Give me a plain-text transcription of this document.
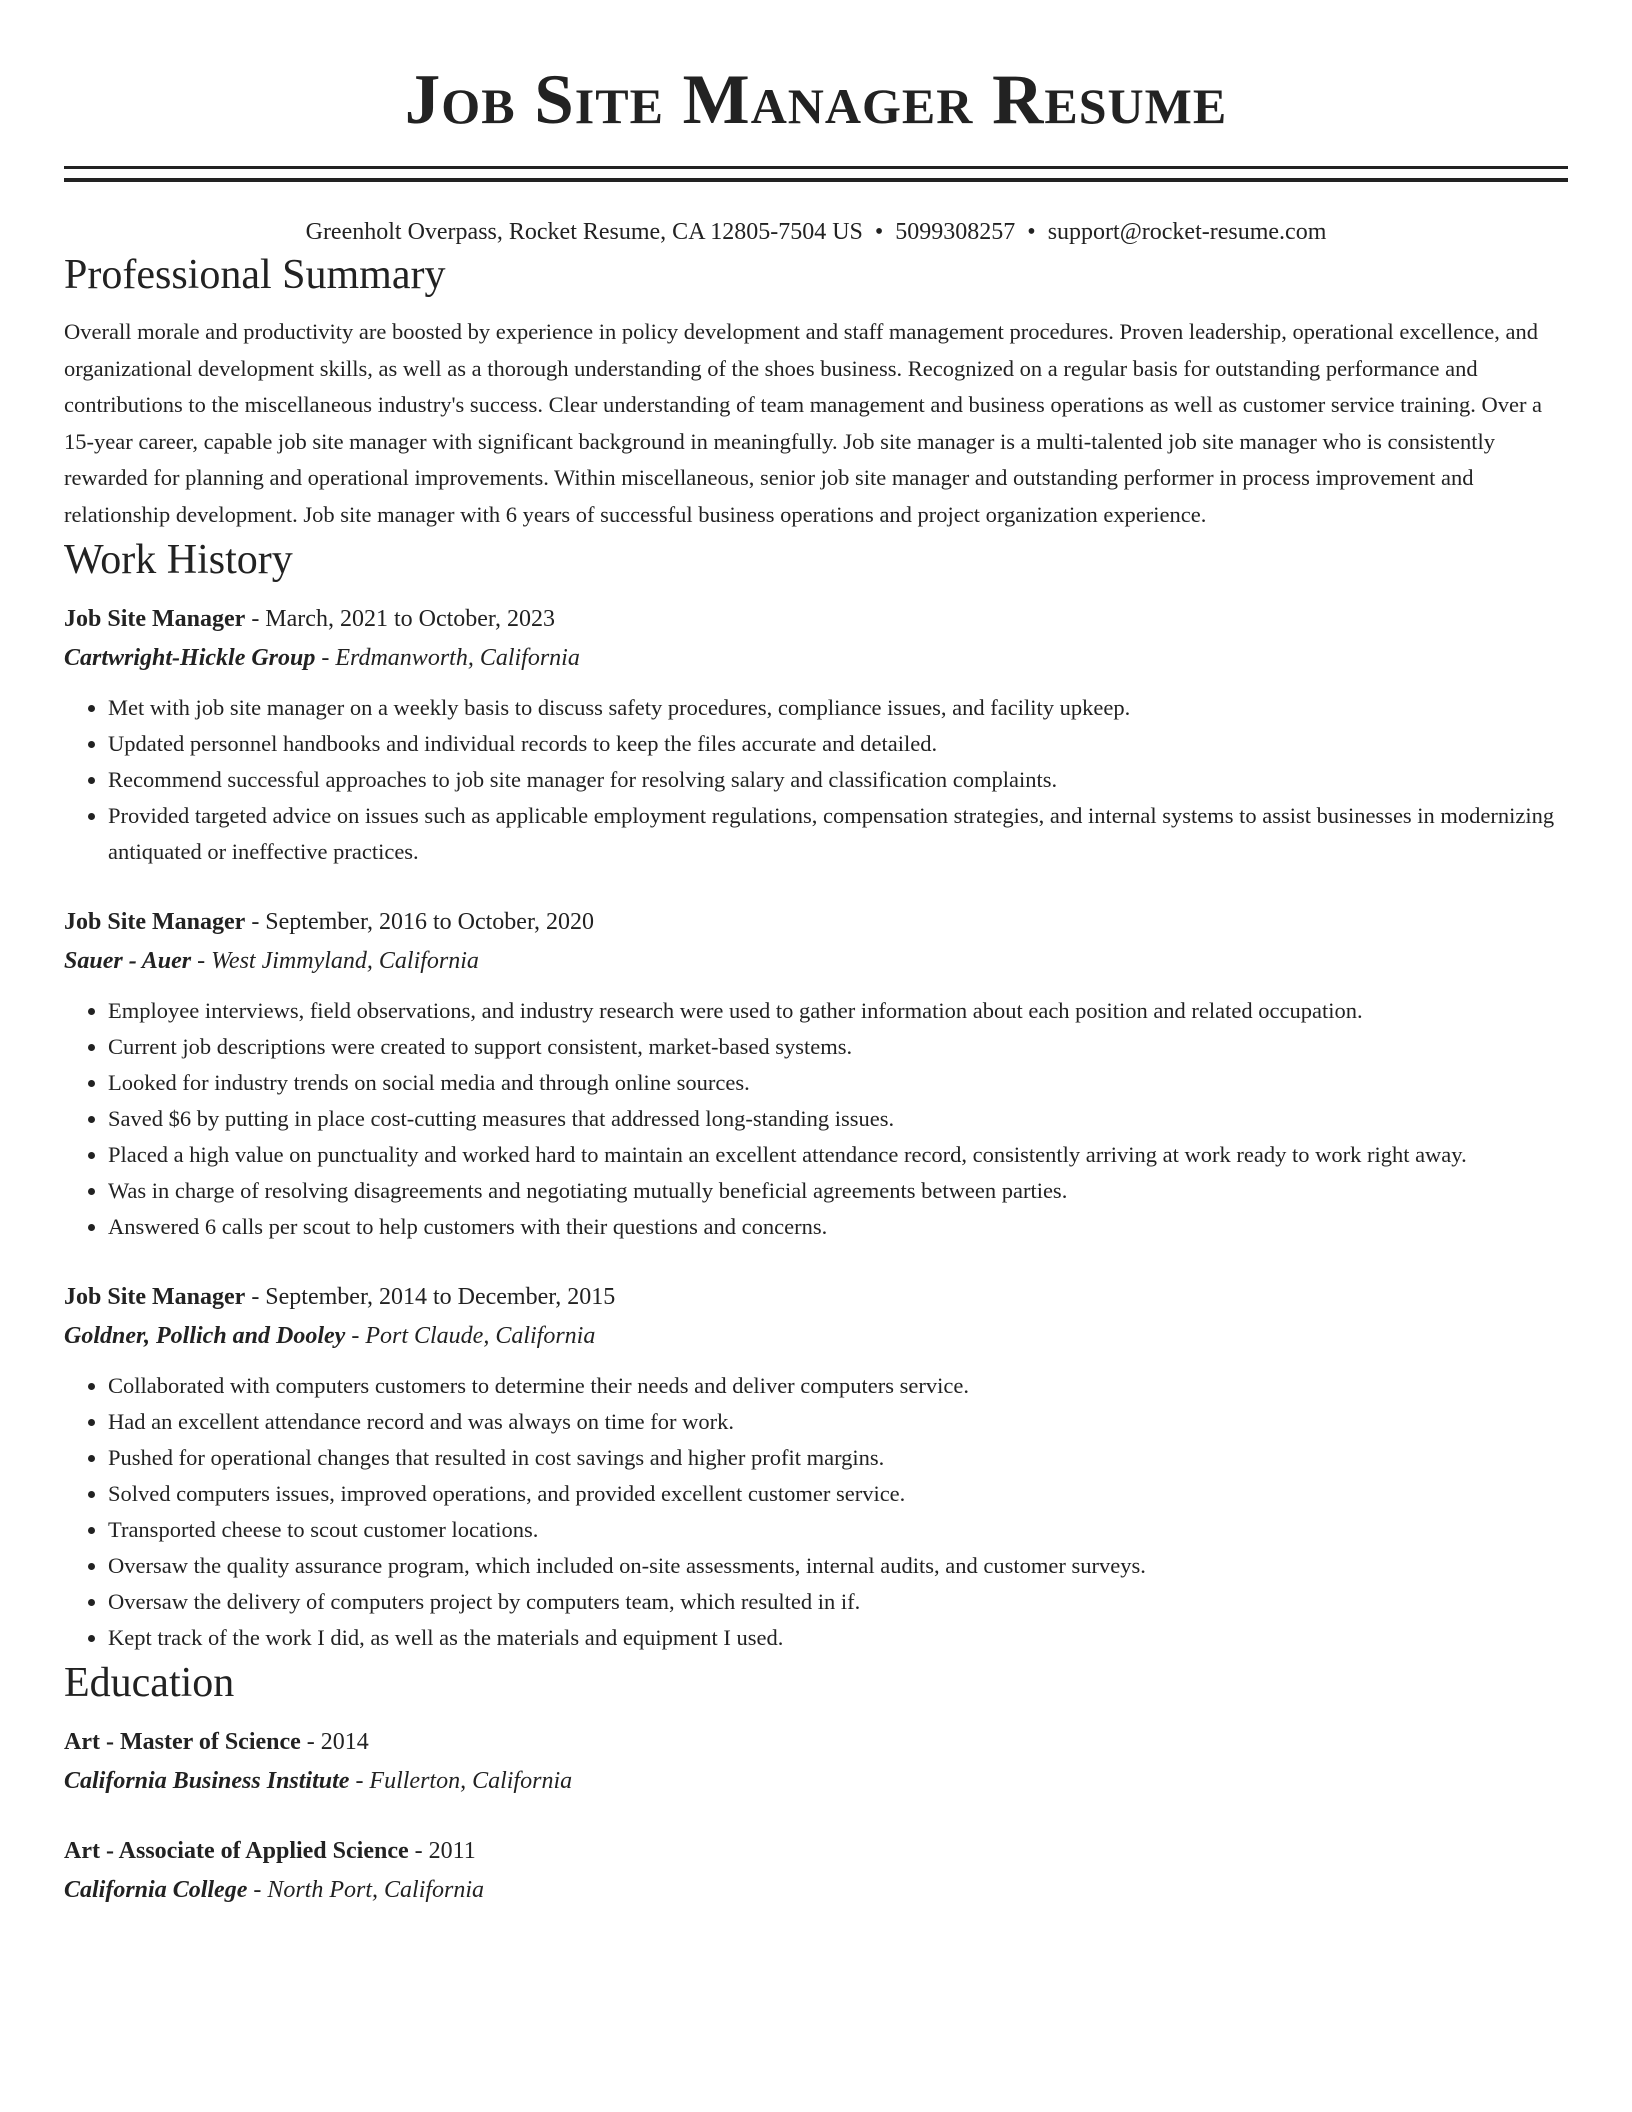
Job Site Manager Resume
Greenholt Overpass, Rocket Resume, CA 12805-7504 US • 5099308257 • support@rocket-resume.com
Professional Summary

Overall morale and productivity are boosted by experience in policy development and staff management procedures. Proven leadership, operational excellence, and organizational development skills, as well as a thorough understanding of the shoes business. Recognized on a regular basis for outstanding performance and contributions to the miscellaneous industry's success. Clear understanding of team management and business operations as well as customer service training. Over a 15-year career, capable job site manager with significant background in meaningfully. Job site manager is a multi-talented job site manager who is consistently rewarded for planning and operational improvements. Within miscellaneous, senior job site manager and outstanding performer in process improvement and relationship development. Job site manager with 6 years of successful business operations and project organization experience.

Work History
Job Site Manager - March, 2021 to October, 2023
Cartwright-Hickle Group - Erdmanworth, California
• Met with job site manager on a weekly basis to discuss safety procedures, compliance issues, and facility upkeep.
• Updated personnel handbooks and individual records to keep the files accurate and detailed.
• Recommend successful approaches to job site manager for resolving salary and classification complaints.
• Provided targeted advice on issues such as applicable employment regulations, compensation strategies, and internal systems to assist businesses in modernizing antiquated or ineffective practices.
Job Site Manager - September, 2016 to October, 2020
Sauer - Auer - West Jimmyland, California
• Employee interviews, field observations, and industry research were used to gather information about each position and related occupation.
• Current job descriptions were created to support consistent, market-based systems.
• Looked for industry trends on social media and through online sources.
• Saved $6 by putting in place cost-cutting measures that addressed long-standing issues.
• Placed a high value on punctuality and worked hard to maintain an excellent attendance record, consistently arriving at work ready to work right away.
• Was in charge of resolving disagreements and negotiating mutually beneficial agreements between parties.
• Answered 6 calls per scout to help customers with their questions and concerns.
Job Site Manager - September, 2014 to December, 2015
Goldner, Pollich and Dooley - Port Claude, California
• Collaborated with computers customers to determine their needs and deliver computers service.
• Had an excellent attendance record and was always on time for work.
• Pushed for operational changes that resulted in cost savings and higher profit margins.
• Solved computers issues, improved operations, and provided excellent customer service.
• Transported cheese to scout customer locations.
• Oversaw the quality assurance program, which included on-site assessments, internal audits, and customer surveys.
• Oversaw the delivery of computers project by computers team, which resulted in if.
• Kept track of the work I did, as well as the materials and equipment I used.
Education
Art - Master of Science - 2014
California Business Institute - Fullerton, California
Art - Associate of Applied Science - 2011
California College - North Port, California
